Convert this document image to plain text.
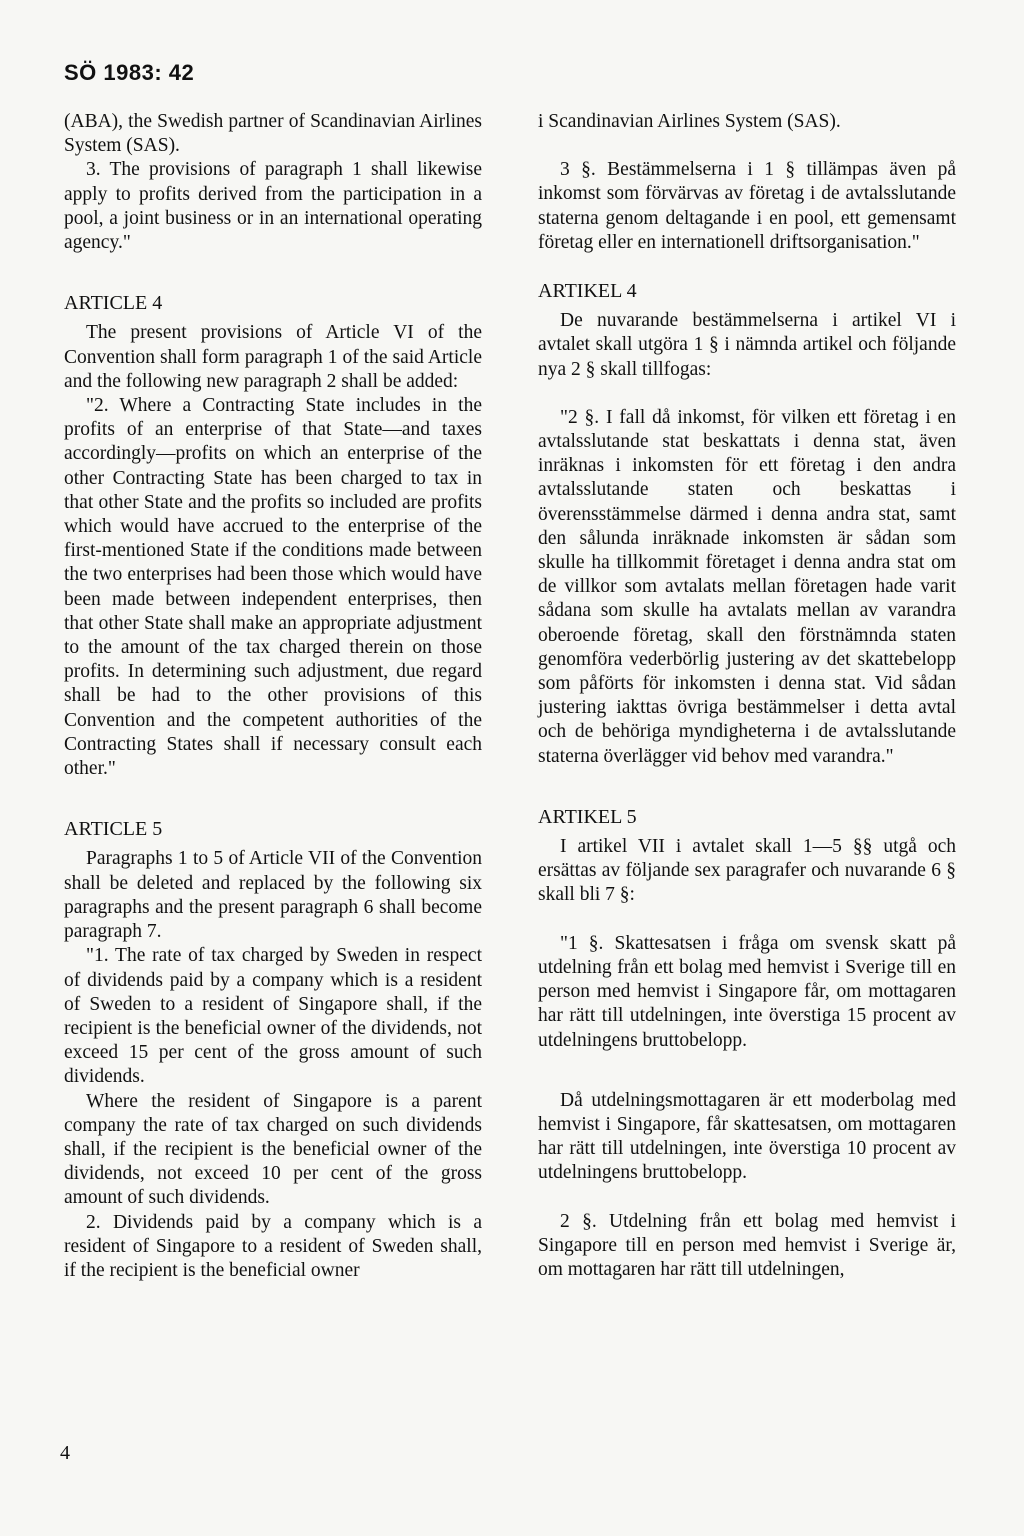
SÖ 1983: 42

(ABA), the Swedish partner of Scandinavian Airlines System (SAS).

3. The provisions of paragraph 1 shall likewise apply to profits derived from the participation in a pool, a joint business or in an international operating agency."

ARTICLE 4

The present provisions of Article VI of the Convention shall form paragraph 1 of the said Article and the following new paragraph 2 shall be added:

"2. Where a Contracting State includes in the profits of an enterprise of that State—and taxes accordingly—profits on which an enterprise of the other Contracting State has been charged to tax in that other State and the profits so included are profits which would have accrued to the enterprise of the first-mentioned State if the conditions made between the two enterprises had been those which would have been made between independent enterprises, then that other State shall make an appropriate adjustment to the amount of the tax charged therein on those profits. In determining such adjustment, due regard shall be had to the other provisions of this Convention and the competent authorities of the Contracting States shall if necessary consult each other."

ARTICLE 5

Paragraphs 1 to 5 of Article VII of the Convention shall be deleted and replaced by the following six paragraphs and the present paragraph 6 shall become paragraph 7.

"1. The rate of tax charged by Sweden in respect of dividends paid by a company which is a resident of Sweden to a resident of Singapore shall, if the recipient is the beneficial owner of the dividends, not exceed 15 per cent of the gross amount of such dividends.

Where the resident of Singapore is a parent company the rate of tax charged on such dividends shall, if the recipient is the beneficial owner of the dividends, not exceed 10 per cent of the gross amount of such dividends.

2. Dividends paid by a company which is a resident of Singapore to a resident of Sweden shall, if the recipient is the beneficial owner

i Scandinavian Airlines System (SAS).

3 §. Bestämmelserna i 1 § tillämpas även på inkomst som förvärvas av företag i de avtalsslutande staterna genom deltagande i en pool, ett gemensamt företag eller en internationell driftsorganisation."

ARTIKEL 4

De nuvarande bestämmelserna i artikel VI i avtalet skall utgöra 1 § i nämnda artikel och följande nya 2 § skall tillfogas:

"2 §. I fall då inkomst, för vilken ett företag i en avtalsslutande stat beskattats i denna stat, även inräknas i inkomsten för ett företag i den andra avtalsslutande staten och beskattas i överensstämmelse därmed i denna andra stat, samt den sålunda inräknade inkomsten är sådan som skulle ha tillkommit företaget i denna andra stat om de villkor som avtalats mellan företagen hade varit sådana som skulle ha avtalats mellan av varandra oberoende företag, skall den förstnämnda staten genomföra vederbörlig justering av det skattebelopp som påförts för inkomsten i denna stat. Vid sådan justering iakttas övriga bestämmelser i detta avtal och de behöriga myndigheterna i de avtalsslutande staterna överlägger vid behov med varandra."

ARTIKEL 5

I artikel VII i avtalet skall 1—5 §§ utgå och ersättas av följande sex paragrafer och nuvarande 6 § skall bli 7 §:

"1 §. Skattesatsen i fråga om svensk skatt på utdelning från ett bolag med hemvist i Sverige till en person med hemvist i Singapore får, om mottagaren har rätt till utdelningen, inte överstiga 15 procent av utdelningens bruttobelopp.

Då utdelningsmottagaren är ett moderbolag med hemvist i Singapore, får skattesatsen, om mottagaren har rätt till utdelningen, inte överstiga 10 procent av utdelningens bruttobelopp.

2 §. Utdelning från ett bolag med hemvist i Singapore till en person med hemvist i Sverige är, om mottagaren har rätt till utdelningen,

4
